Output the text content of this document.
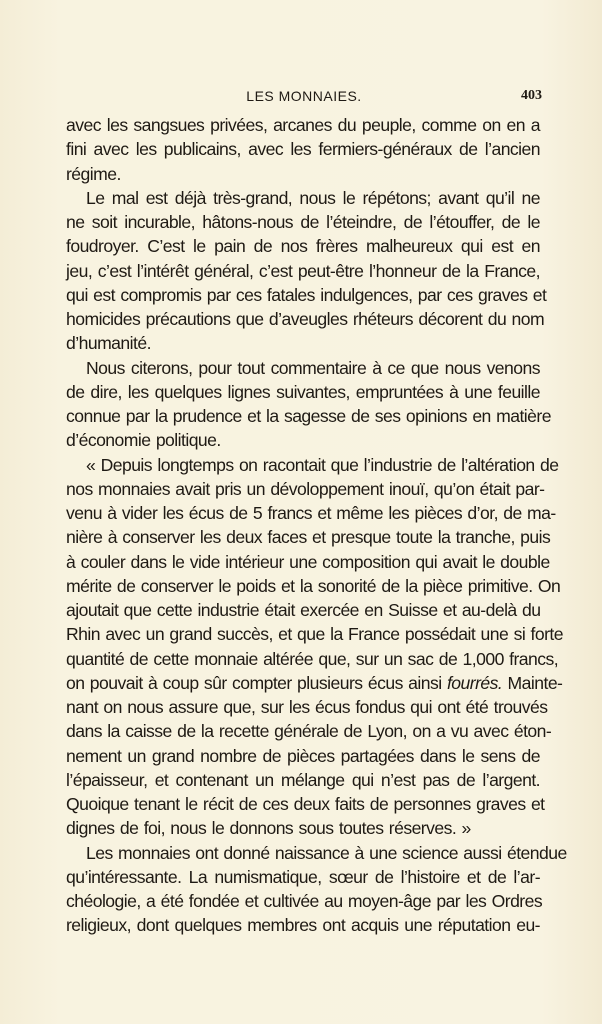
LES MONNAIES.	403
avec les sangsues privées, arcanes du peuple, comme on en a
fini avec les publicains, avec les fermiers-généraux de l’ancien
régime.
Le mal est déjà très-grand, nous le répétons; avant qu’il ne
ne soit incurable, hâtons-nous de l’éteindre, de l’étouffer, de le
foudroyer. C’est le pain de nos frères malheureux qui est en
jeu, c’est l’intérêt général, c’est peut-être l’honneur de la France,
qui est compromis par ces fatales indulgences, par ces graves et
homicides précautions que d’aveugles rhéteurs décorent du nom
d’humanité.
Nous citerons, pour tout commentaire à ce que nous venons
de dire, les quelques lignes suivantes, empruntées à une feuille
connue par la prudence et la sagesse de ses opinions en matière
d’économie politique.
« Depuis longtemps on racontait que l’industrie de l’altération de
nos monnaies avait pris un dévoloppement inouï, qu’on était par-
venu à vider les écus de 5 francs et même les pièces d’or, de ma-
nière à conserver les deux faces et presque toute la tranche, puis
à couler dans le vide intérieur une composition qui avait le double
mérite de conserver le poids et la sonorité de la pièce primitive. On
ajoutait que cette industrie était exercée en Suisse et au-delà du
Rhin avec un grand succès, et que la France possédait une si forte
quantité de cette monnaie altérée que, sur un sac de 1,000 francs,
on pouvait à coup sûr compter plusieurs écus ainsi fourrés. Mainte-
nant on nous assure que, sur les écus fondus qui ont été trouvés
dans la caisse de la recette générale de Lyon, on a vu avec éton-
nement un grand nombre de pièces partagées dans le sens de
l’épaisseur, et contenant un mélange qui n’est pas de l’argent.
Quoique tenant le récit de ces deux faits de personnes graves et
dignes de foi, nous le donnons sous toutes réserves. »
Les monnaies ont donné naissance à une science aussi étendue
qu’intéressante. La numismatique, sœur de l’histoire et de l’ar-
chéologie, a été fondée et cultivée au moyen-âge par les Ordres
religieux, dont quelques membres ont acquis une réputation eu-
